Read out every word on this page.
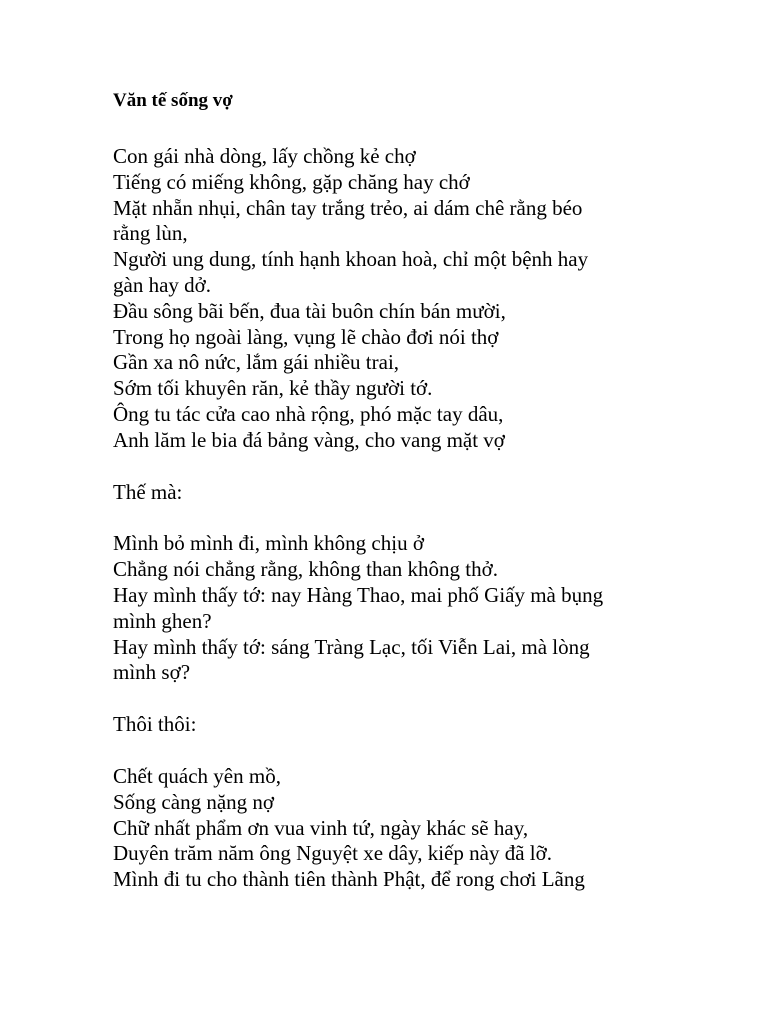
Văn tế sống vợ
Con gái nhà dòng, lấy chồng kẻ chợ
Tiếng có miếng không, gặp chăng hay chớ
Mặt nhẵn nhụi, chân tay trắng trẻo, ai dám chê rằng béo
rằng lùn,
Người ung dung, tính hạnh khoan hoà, chỉ một bệnh hay
gàn hay dở.
Đầu sông bãi bến, đua tài buôn chín bán mười,
Trong họ ngoài làng, vụng lẽ chào đơi nói thợ
Gần xa nô nức, lắm gái nhiều trai,
Sớm tối khuyên răn, kẻ thầy người tớ.
Ông tu tác cửa cao nhà rộng, phó mặc tay dâu,
Anh lăm le bia đá bảng vàng, cho vang mặt vợ
Thế mà:
Mình bỏ mình đi, mình không chịu ở
Chẳng nói chẳng rằng, không than không thở.
Hay mình thấy tớ: nay Hàng Thao, mai phố Giấy mà bụng
mình ghen?
Hay mình thấy tớ: sáng Tràng Lạc, tối Viễn Lai, mà lòng
mình sợ?
Thôi thôi:
Chết quách yên mồ,
Sống càng nặng nợ
Chữ nhất phẩm ơn vua vinh tứ, ngày khác sẽ hay,
Duyên trăm năm ông Nguyệt xe dây, kiếp này đã lỡ.
Mình đi tu cho thành tiên thành Phật, để rong chơi Lãng
